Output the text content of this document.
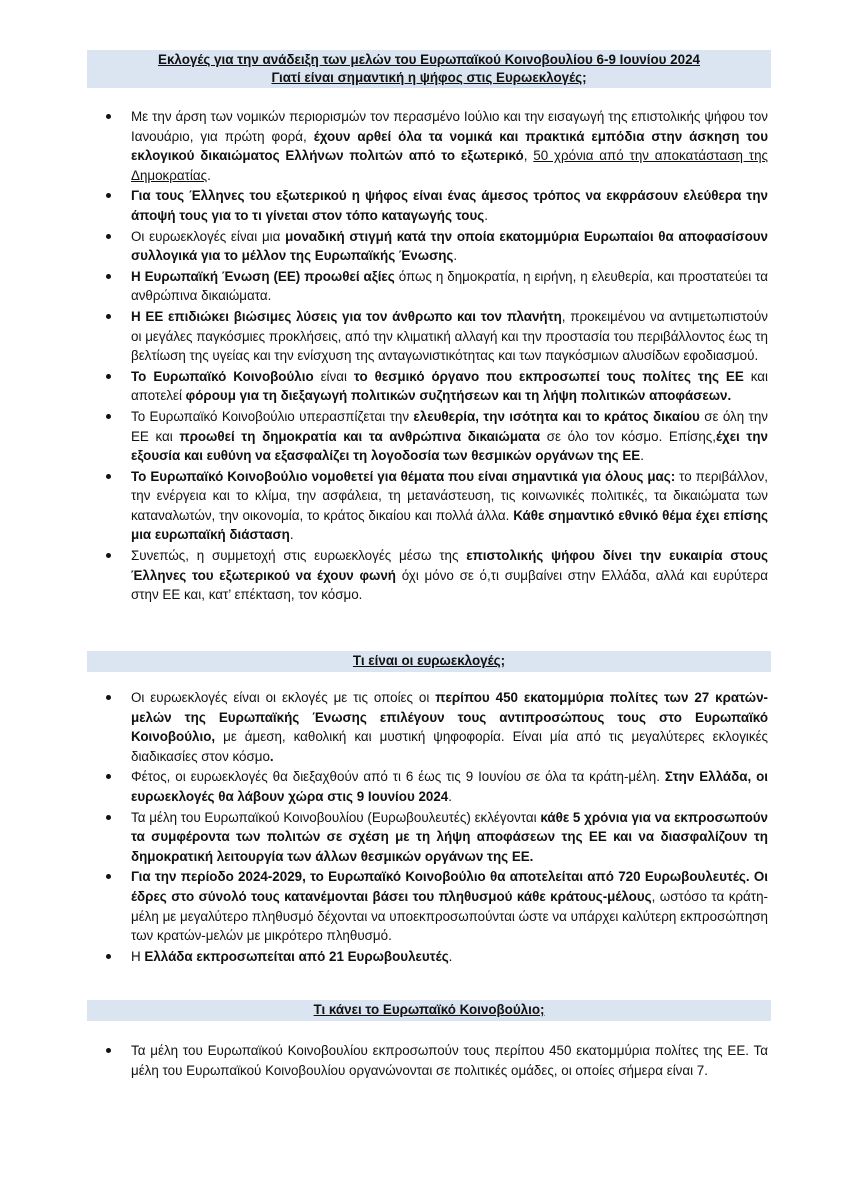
Εκλογές για την ανάδειξη των μελών του Ευρωπαϊκού Κοινοβουλίου 6-9 Ιουνίου 2024
Γιατί είναι σημαντική η ψήφος στις Ευρωεκλογές;
Με την άρση των νομικών περιορισμών τον περασμένο Ιούλιο και την εισαγωγή της επιστολικής ψήφου τον Ιανουάριο, για πρώτη φορά, έχουν αρθεί όλα τα νομικά και πρακτικά εμπόδια στην άσκηση του εκλογικού δικαιώματος Ελλήνων πολιτών από το εξωτερικό, 50 χρόνια από την αποκατάσταση της Δημοκρατίας.
Για τους Έλληνες του εξωτερικού η ψήφος είναι ένας άμεσος τρόπος να εκφράσουν ελεύθερα την άποψή τους για το τι γίνεται στον τόπο καταγωγής τους.
Οι ευρωεκλογές είναι μια μοναδική στιγμή κατά την οποία εκατομμύρια Ευρωπαίοι θα αποφασίσουν συλλογικά για το μέλλον της Ευρωπαϊκής Ένωσης.
Η Ευρωπαϊκή Ένωση (ΕΕ) προωθεί αξίες όπως η δημοκρατία, η ειρήνη, η ελευθερία, και προστατεύει τα ανθρώπινα δικαιώματα.
Η ΕΕ επιδιώκει βιώσιμες λύσεις για τον άνθρωπο και τον πλανήτη, προκειμένου να αντιμετωπιστούν οι μεγάλες παγκόσμιες προκλήσεις, από την κλιματική αλλαγή και την προστασία του περιβάλλοντος έως τη βελτίωση της υγείας και την ενίσχυση της ανταγωνιστικότητας και των παγκόσμιων αλυσίδων εφοδιασμού.
Το Ευρωπαϊκό Κοινοβούλιο είναι το θεσμικό όργανο που εκπροσωπεί τους πολίτες της ΕΕ και αποτελεί φόρουμ για τη διεξαγωγή πολιτικών συζητήσεων και τη λήψη πολιτικών αποφάσεων.
Το Ευρωπαϊκό Κοινοβούλιο υπερασπίζεται την ελευθερία, την ισότητα και το κράτος δικαίου σε όλη την ΕΕ και προωθεί τη δημοκρατία και τα ανθρώπινα δικαιώματα σε όλο τον κόσμο. Επίσης,έχει την εξουσία και ευθύνη να εξασφαλίζει τη λογοδοσία των θεσμικών οργάνων της ΕΕ.
Το Ευρωπαϊκό Κοινοβούλιο νομοθετεί για θέματα που είναι σημαντικά για όλους μας: το περιβάλλον, την ενέργεια και το κλίμα, την ασφάλεια, τη μετανάστευση, τις κοινωνικές πολιτικές, τα δικαιώματα των καταναλωτών, την οικονομία, το κράτος δικαίου και πολλά άλλα. Κάθε σημαντικό εθνικό θέμα έχει επίσης μια ευρωπαϊκή διάσταση.
Συνεπώς, η συμμετοχή στις ευρωεκλογές μέσω της επιστολικής ψήφου δίνει την ευκαιρία στους Έλληνες του εξωτερικού να έχουν φωνή όχι μόνο σε ό,τι συμβαίνει στην Ελλάδα, αλλά και ευρύτερα στην ΕΕ και, κατ’ επέκταση, τον κόσμο.
Τι είναι οι ευρωεκλογές;
Οι ευρωεκλογές είναι οι εκλογές με τις οποίες οι περίπου 450 εκατομμύρια πολίτες των 27 κρατών-μελών της Ευρωπαϊκής Ένωσης επιλέγουν τους αντιπροσώπους τους στο Ευρωπαϊκό Κοινοβούλιο, με άμεση, καθολική και μυστική ψηφοφορία. Είναι μία από τις μεγαλύτερες εκλογικές διαδικασίες στον κόσμο.
Φέτος, οι ευρωεκλογές θα διεξαχθούν από τι 6 έως τις 9 Ιουνίου σε όλα τα κράτη-μέλη. Στην Ελλάδα, οι ευρωεκλογές θα λάβουν χώρα στις 9 Ιουνίου 2024.
Τα μέλη του Ευρωπαϊκού Κοινοβουλίου (Ευρωβουλευτές) εκλέγονται κάθε 5 χρόνια για να εκπροσωπούν τα συμφέροντα των πολιτών σε σχέση με τη λήψη αποφάσεων της ΕΕ και να διασφαλίζουν τη δημοκρατική λειτουργία των άλλων θεσμικών οργάνων της ΕΕ.
Για την περίοδο 2024-2029, το Ευρωπαϊκό Κοινοβούλιο θα αποτελείται από 720 Ευρωβουλευτές. Οι έδρες στο σύνολό τους κατανέμονται βάσει του πληθυσμού κάθε κράτους-μέλους, ωστόσο τα κράτη-μέλη με μεγαλύτερο πληθυσμό δέχονται να υποεκπροσωπούνται ώστε να υπάρχει καλύτερη εκπροσώπηση των κρατών-μελών με μικρότερο πληθυσμό.
Η Ελλάδα εκπροσωπείται από 21 Ευρωβουλευτές.
Τι κάνει το Ευρωπαϊκό Κοινοβούλιο;
Τα μέλη του Ευρωπαϊκού Κοινοβουλίου εκπροσωπούν τους περίπου 450 εκατομμύρια πολίτες της ΕΕ. Τα μέλη του Ευρωπαϊκού Κοινοβουλίου οργανώνονται σε πολιτικές ομάδες, οι οποίες σήμερα είναι 7.
